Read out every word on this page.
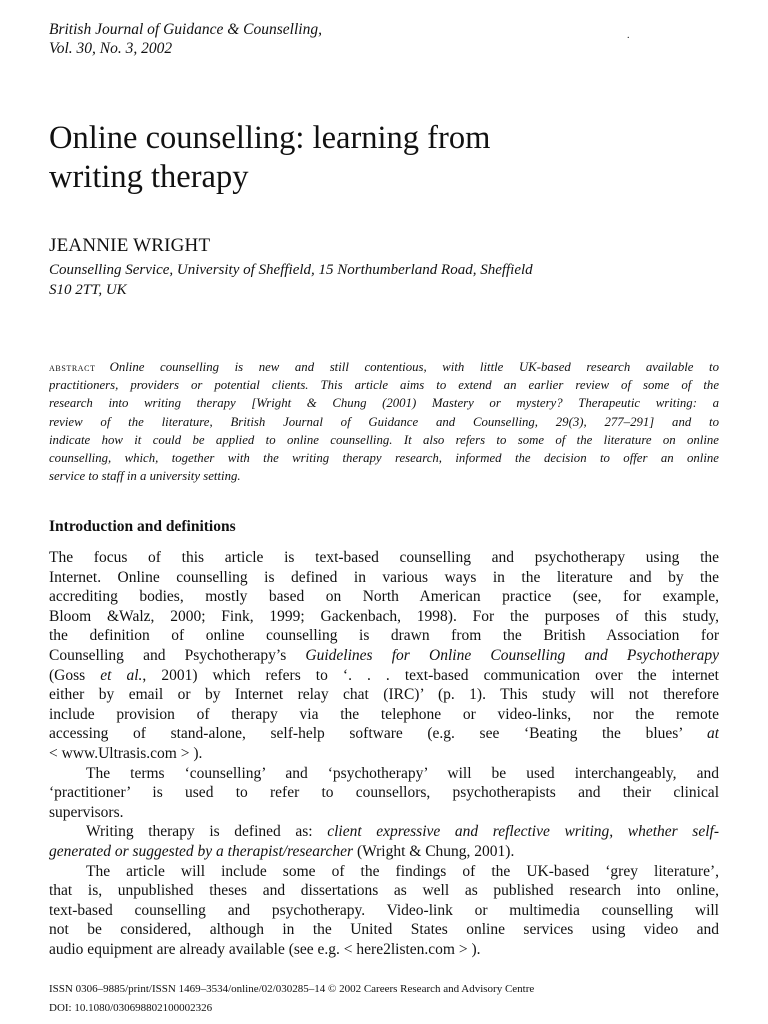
British Journal of Guidance & Counselling,
Vol. 30, No. 3, 2002
.
Online counselling: learning from
writing therapy
JEANNIE WRIGHT
Counselling Service, University of Sheffield, 15 Northumberland Road, Sheffield
S10 2TT, UK
abstract Online counselling is new and still contentious, with little UK-based research available to
practitioners, providers or potential clients. This article aims to extend an earlier review of some of the
research into writing therapy [Wright & Chung (2001) Mastery or mystery? Therapeutic writing: a
review of the literature, British Journal of Guidance and Counselling, 29(3), 277–291] and to
indicate how it could be applied to online counselling. It also refers to some of the literature on online
counselling, which, together with the writing therapy research, informed the decision to offer an online
service to staff in a university setting.
Introduction and definitions
The focus of this article is text-based counselling and psychotherapy using the
Internet. Online counselling is defined in various ways in the literature and by the
accrediting bodies, mostly based on North American practice (see, for example,
Bloom &Walz, 2000; Fink, 1999; Gackenbach, 1998). For the purposes of this study,
the definition of online counselling is drawn from the British Association for
Counselling and Psychotherapy’s Guidelines for Online Counselling and Psychotherapy
(Goss et al., 2001) which refers to ‘. . . text-based communication over the internet
either by email or by Internet relay chat (IRC)’ (p. 1). This study will not therefore
include provision of therapy via the telephone or video-links, nor the remote
accessing of stand-alone, self-help software (e.g. see ‘Beating the blues’ at
< www.Ultrasis.com > ).
The terms ‘counselling’ and ‘psychotherapy’ will be used interchangeably, and
‘practitioner’ is used to refer to counsellors, psychotherapists and their clinical
supervisors.
Writing therapy is defined as: client expressive and reflective writing, whether self-
generated or suggested by a therapist/researcher (Wright & Chung, 2001).
The article will include some of the findings of the UK-based ‘grey literature’,
that is, unpublished theses and dissertations as well as published research into online,
text-based counselling and psychotherapy. Video-link or multimedia counselling will
not be considered, although in the United States online services using video and
audio equipment are already available (see e.g. < here2listen.com > ).
ISSN 0306–9885/print/ISSN 1469–3534/online/02/030285–14 © 2002 Careers Research and Advisory Centre
DOI: 10.1080/030698802100002326
